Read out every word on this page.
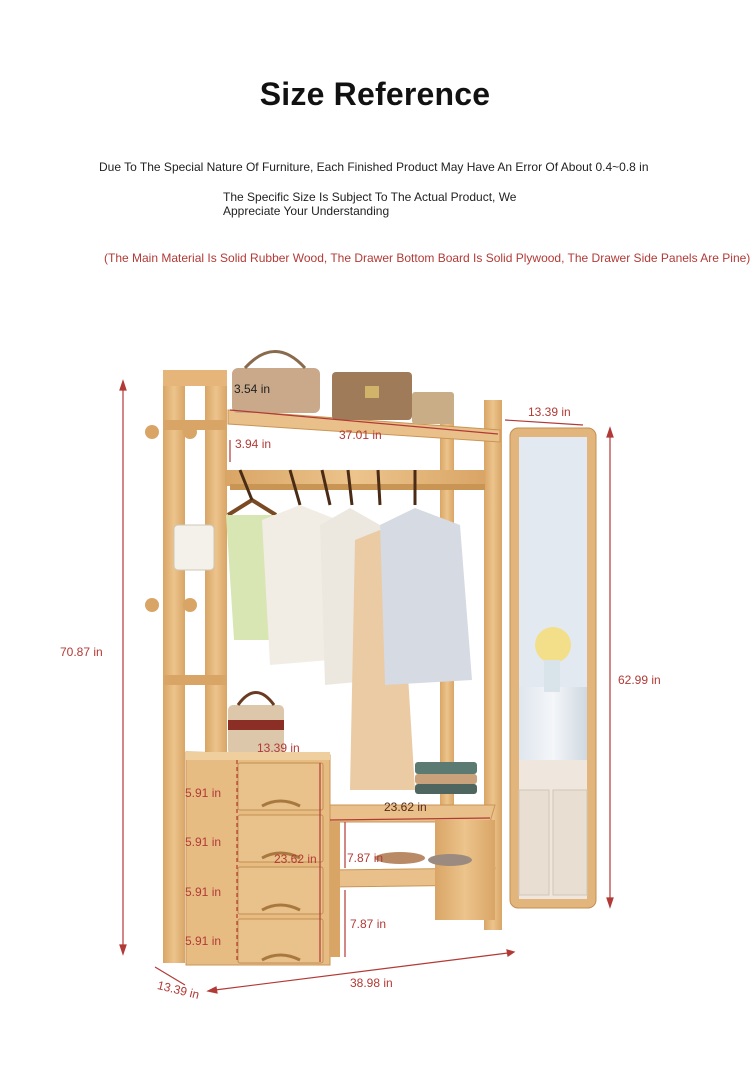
Size Reference
Due To The Special Nature Of Furniture, Each Finished Product May Have An Error Of About 0.4~0.8 in
The Specific Size Is Subject To The Actual Product, We
Appreciate Your Understanding
(The Main Material Is Solid Rubber Wood, The Drawer Bottom Board Is Solid Plywood, The Drawer Side Panels Are Pine)
70.87 in
3.54 in
37.01 in
3.94 in
13.39 in
62.99 in
13.39 in
5.91 in
5.91 in
5.91 in
5.91 in
23.62 in
23.62 in
7.87 in
7.87 in
13.39 in	38.98 in
